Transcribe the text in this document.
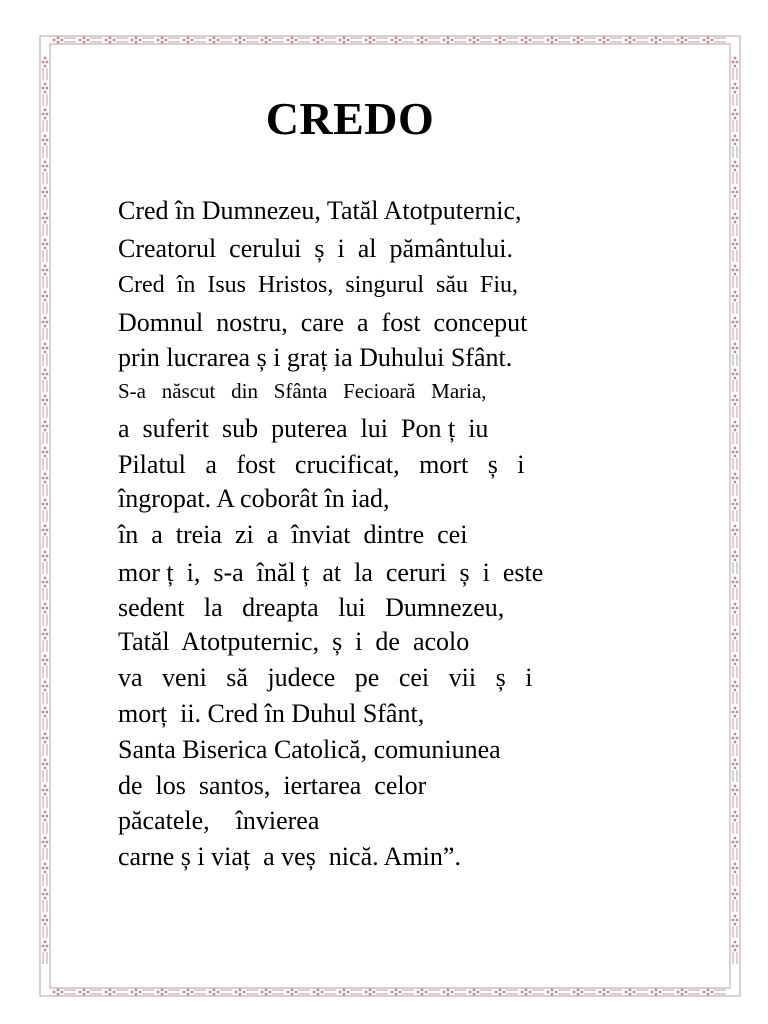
CREDO
Cred în Dumnezeu, Tatăl Atotputernic,
Creatorul  cerului  ș  i  al  pământului.
Cred  în  Isus  Hristos,  singurul  său  Fiu,
Domnul  nostru,  care  a  fost  conceput
prin lucrarea ș i graț ia Duhului Sfânt.
S-a   născut   din   Sfânta   Fecioară   Maria,
a  suferit  sub  puterea  lui  Pon ț  iu
Pilatul   a   fost   crucificat,   mort   ș   i
îngropat. A coborât în iad,
în  a  treia  zi  a  înviat  dintre  cei
mor ț  i,  s-a  înăl ț  at  la  ceruri  ș  i  este
sedent   la   dreapta   lui   Dumnezeu,
Tatăl  Atotputernic,  ș  i  de  acolo
va   veni   să   judece   pe   cei   vii   ș   i
morț  ii. Cred în Duhul Sfânt,
Santa Biserica Catolică, comuniunea
de  los  santos,  iertarea  celor
păcatele,    învierea
carne ș i viaț  a veș  nică. Amin”.
